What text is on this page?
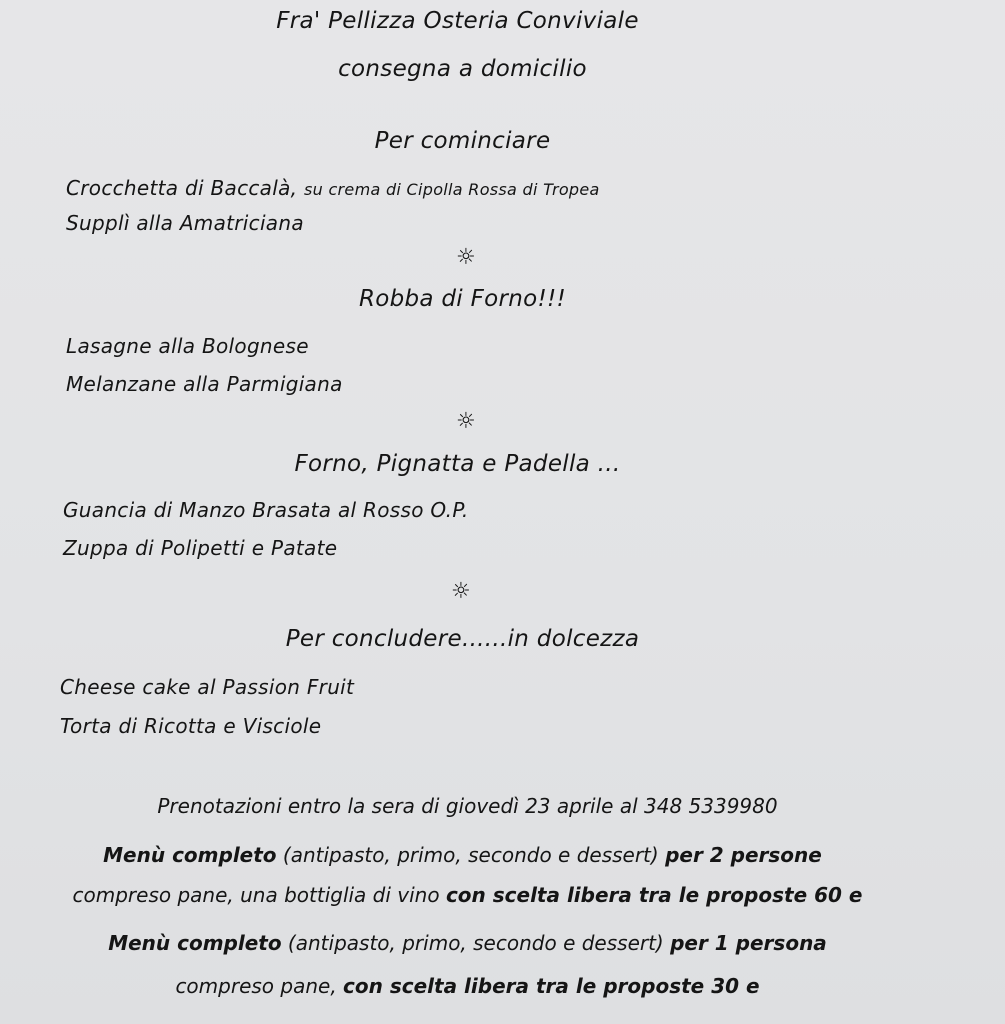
Fra' Pellizza Osteria Conviviale
consegna a domicilio
Per cominciare
Crocchetta di Baccalà, su crema di Cipolla Rossa di Tropea
Supplì alla Amatriciana
☼
Robba di Forno!!!
Lasagne alla Bolognese
Melanzane alla Parmigiana
☼
Forno, Pignatta e Padella ...
Guancia di Manzo Brasata al Rosso O.P.
Zuppa di Polipetti e Patate
☼
Per concludere......in dolcezza
Cheese cake al Passion Fruit
Torta di Ricotta e Visciole
Prenotazioni entro la sera di giovedì 23 aprile al 348 5339980
Menù completo (antipasto, primo, secondo e dessert) per 2 persone
compreso pane, una bottiglia di vino con scelta libera tra le proposte 60 e
Menù completo (antipasto, primo, secondo e dessert) per 1 persona
compreso pane, con scelta libera tra le proposte 30 e
